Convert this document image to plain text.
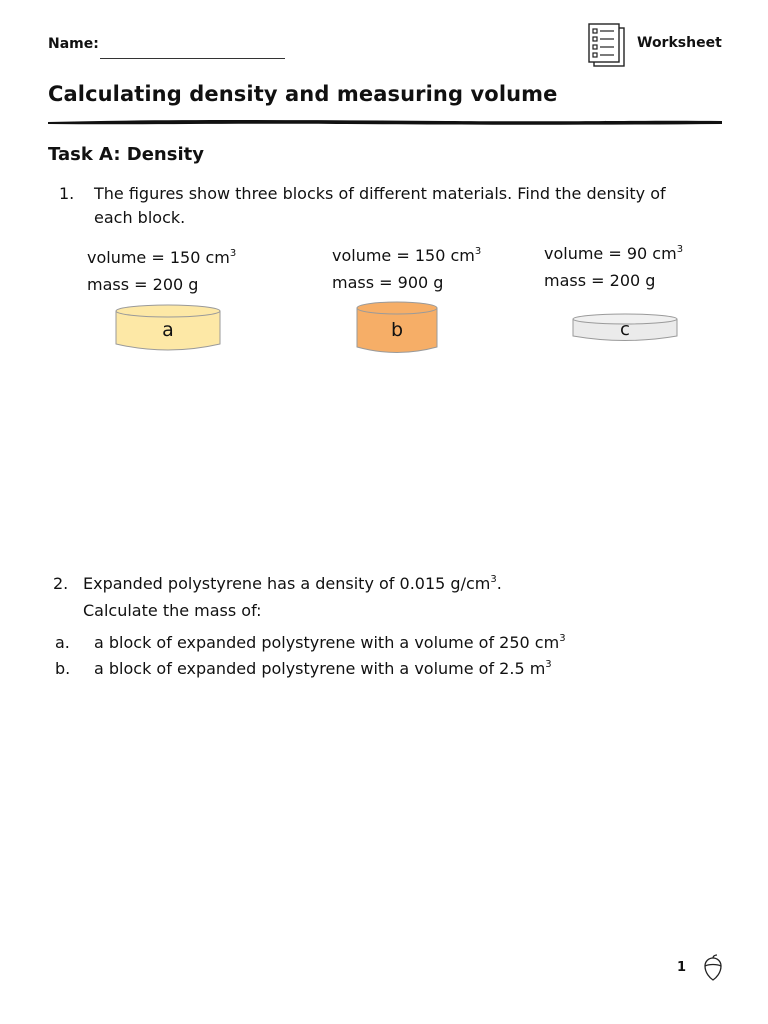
Name:	Worksheet
Calculating density and measuring volume
Task A: Density
1. The figures show three blocks of different materials. Find the density of
each block.
volume = 150 $cm^3$
mass = 200 g
a
volume = 150 $cm^3$
mass = 900 g
b
volume = 90 $cm^3$
mass = 200 g
c
2. Expanded polystyrene has a density of 0.015 $g/cm^3$.
Calculate the mass of:
a. a block of expanded polystyrene with a volume of 250 $cm^3$
b. a block of expanded polystyrene with a volume of 2.5 $m^3$
1
